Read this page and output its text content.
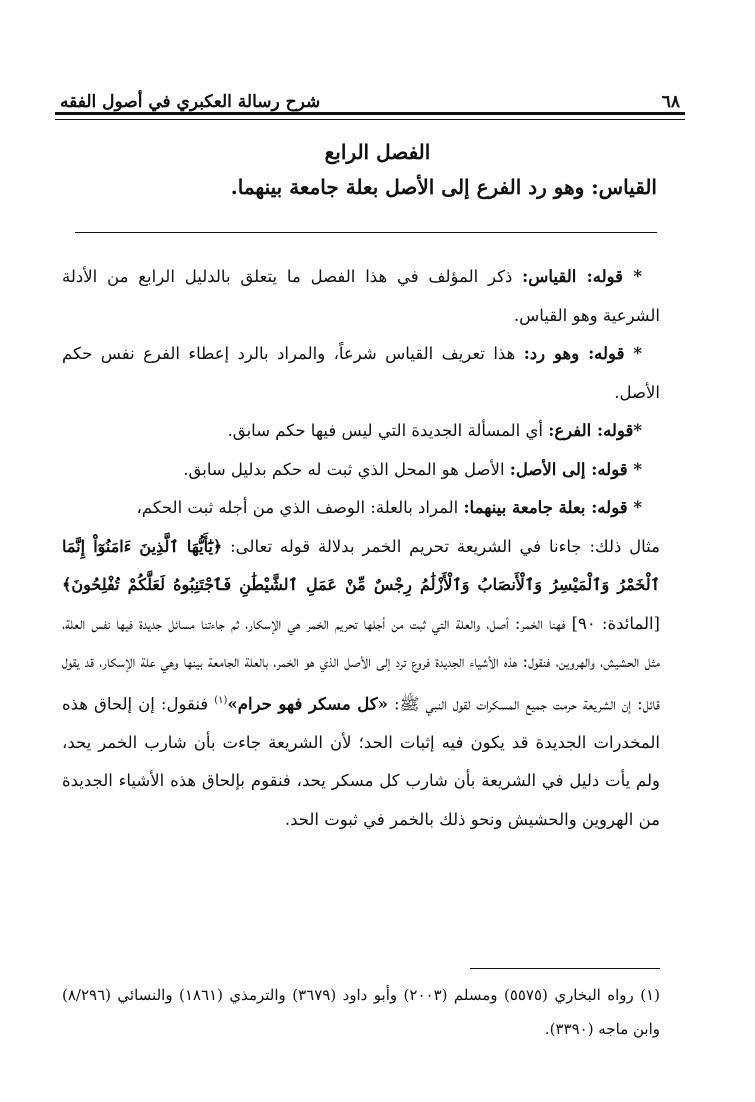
٦٨
شرح رسالة العكبري في أصول الفقه
الفصل الرابع
القياس: وهو رد الفرع إلى الأصل بعلة جامعة بينهما.

* قوله: القياس: ذكر المؤلف في هذا الفصل ما يتعلق بالدليل الرابع من الأدلة الشرعية وهو القياس.

* قوله: وهو رد: هذا تعريف القياس شرعاً، والمراد بالرد إعطاء الفرع نفس حكم الأصل.

*قوله: الفرع: أي المسألة الجديدة التي ليس فيها حكم سابق.

* قوله: إلى الأصل: الأصل هو المحل الذي ثبت له حكم بدليل سابق.

* قوله: بعلة جامعة بينهما: المراد بالعلة: الوصف الذي من أجله ثبت الحكم،

مثال ذلك: جاءنا في الشريعة تحريم الخمر بدلالة قوله تعالى: ﴿يَٰٓأَيُّهَا ٱلَّذِينَ ءَامَنُوٓاْ إِنَّمَا ٱلْخَمْرُ وَٱلْمَيْسِرُ وَٱلْأَنصَابُ وَٱلْأَزْلَٰمُ رِجْسٌ مِّنْ عَمَلِ ٱلشَّيْطَٰنِ فَٱجْتَنِبُوهُ لَعَلَّكُمْ تُفْلِحُونَ﴾ [المائدة: ٩٠] فهنا الخمر: أصل، والعلة التي ثبت من أجلها تحريم الخمر هي الإسكار، ثم جاءتنا مسائل جديدة فيها نفس العلة، مثل الحشيش، والهروين، فنقول: هذه الأشياء الجديدة فروع ترد إلى الأصل الذي هو الخمر، بالعلة الجامعة بينها وهي علة الإسكار، قد يقول قائل: إن الشريعة حرمت جميع المسكرات لقول النبي ﷺ: «كل مسكر فهو حرام»$^{(١)}$ فنقول: إن إلحاق هذه المخدرات الجديدة قد يكون فيه إثبات الحد؛ لأن الشريعة جاءت بأن شارب الخمر يحد، ولم يأت دليل في الشريعة بأن شارب كل مسكر يحد، فنقوم بإلحاق هذه الأشياء الجديدة من الهروين والحشيش ونحو ذلك بالخمر في ثبوت الحد.

(١) رواه البخاري (٥٥٧٥) ومسلم (٢٠٠٣) وأبو داود (٣٦٧٩) والترمذي (١٨٦١) والنسائي (٨/٢٩٦) وابن ماجه (٣٣٩٠).
